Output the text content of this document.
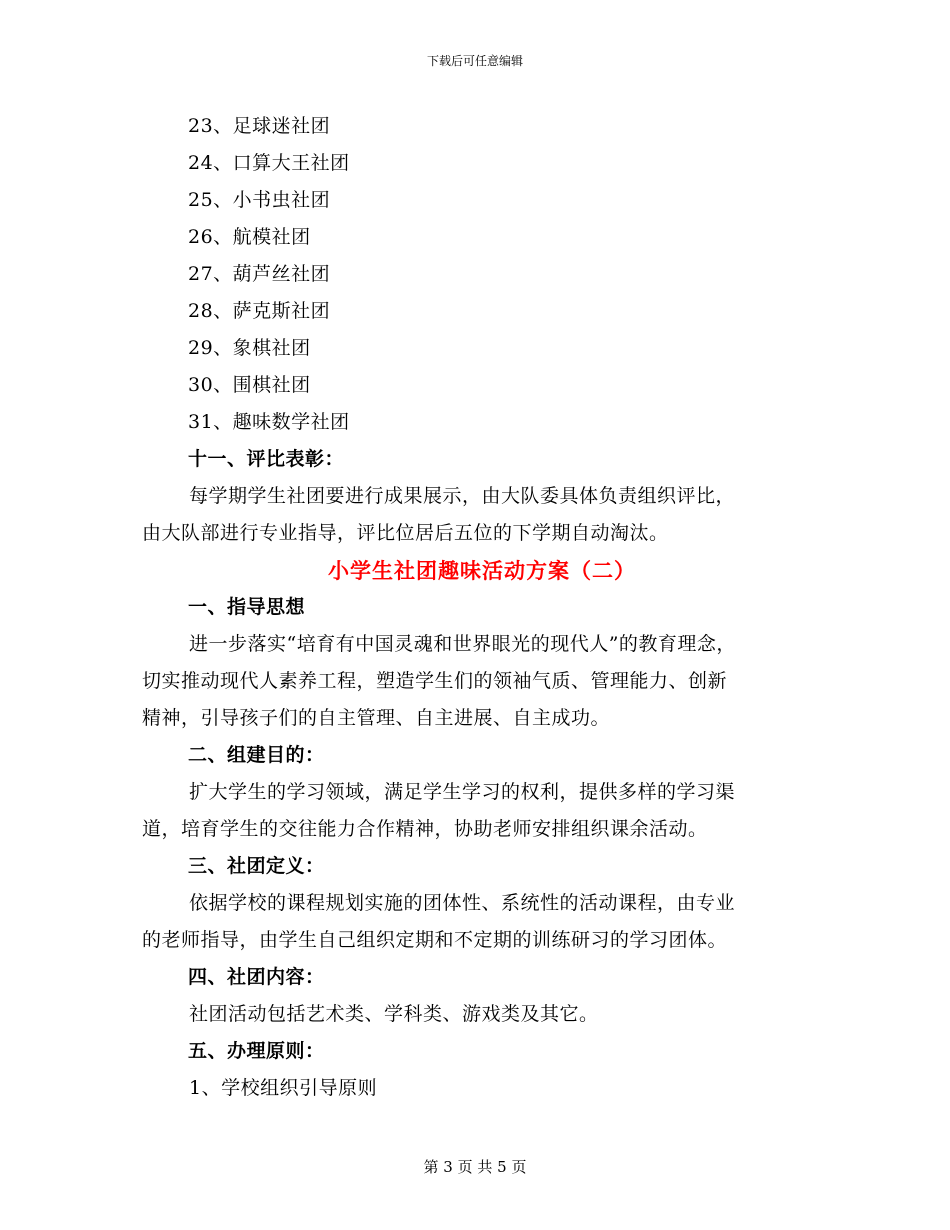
下载后可任意编辑
23、足球迷社团
24、口算大王社团
25、小书虫社团
26、航模社团
27、葫芦丝社团
28、萨克斯社团
29、象棋社团
30、围棋社团
31、趣味数学社团
十一、评比表彰：
每学期学生社团要进行成果展示，由大队委具体负责组织评比，
由大队部进行专业指导，评比位居后五位的下学期自动淘汰。
小学生社团趣味活动方案（二）
一、指导思想
进一步落实“培育有中国灵魂和世界眼光的现代人”的教育理念，
切实推动现代人素养工程，塑造学生们的领袖气质、管理能力、创新
精神，引导孩子们的自主管理、自主进展、自主成功。
二、组建目的：
扩大学生的学习领域，满足学生学习的权利，提供多样的学习渠
道，培育学生的交往能力合作精神，协助老师安排组织课余活动。
三、社团定义：
依据学校的课程规划实施的团体性、系统性的活动课程，由专业
的老师指导，由学生自己组织定期和不定期的训练研习的学习团体。
四、社团内容：
社团活动包括艺术类、学科类、游戏类及其它。
五、办理原则：
1、学校组织引导原则
第 3 页 共 5 页
